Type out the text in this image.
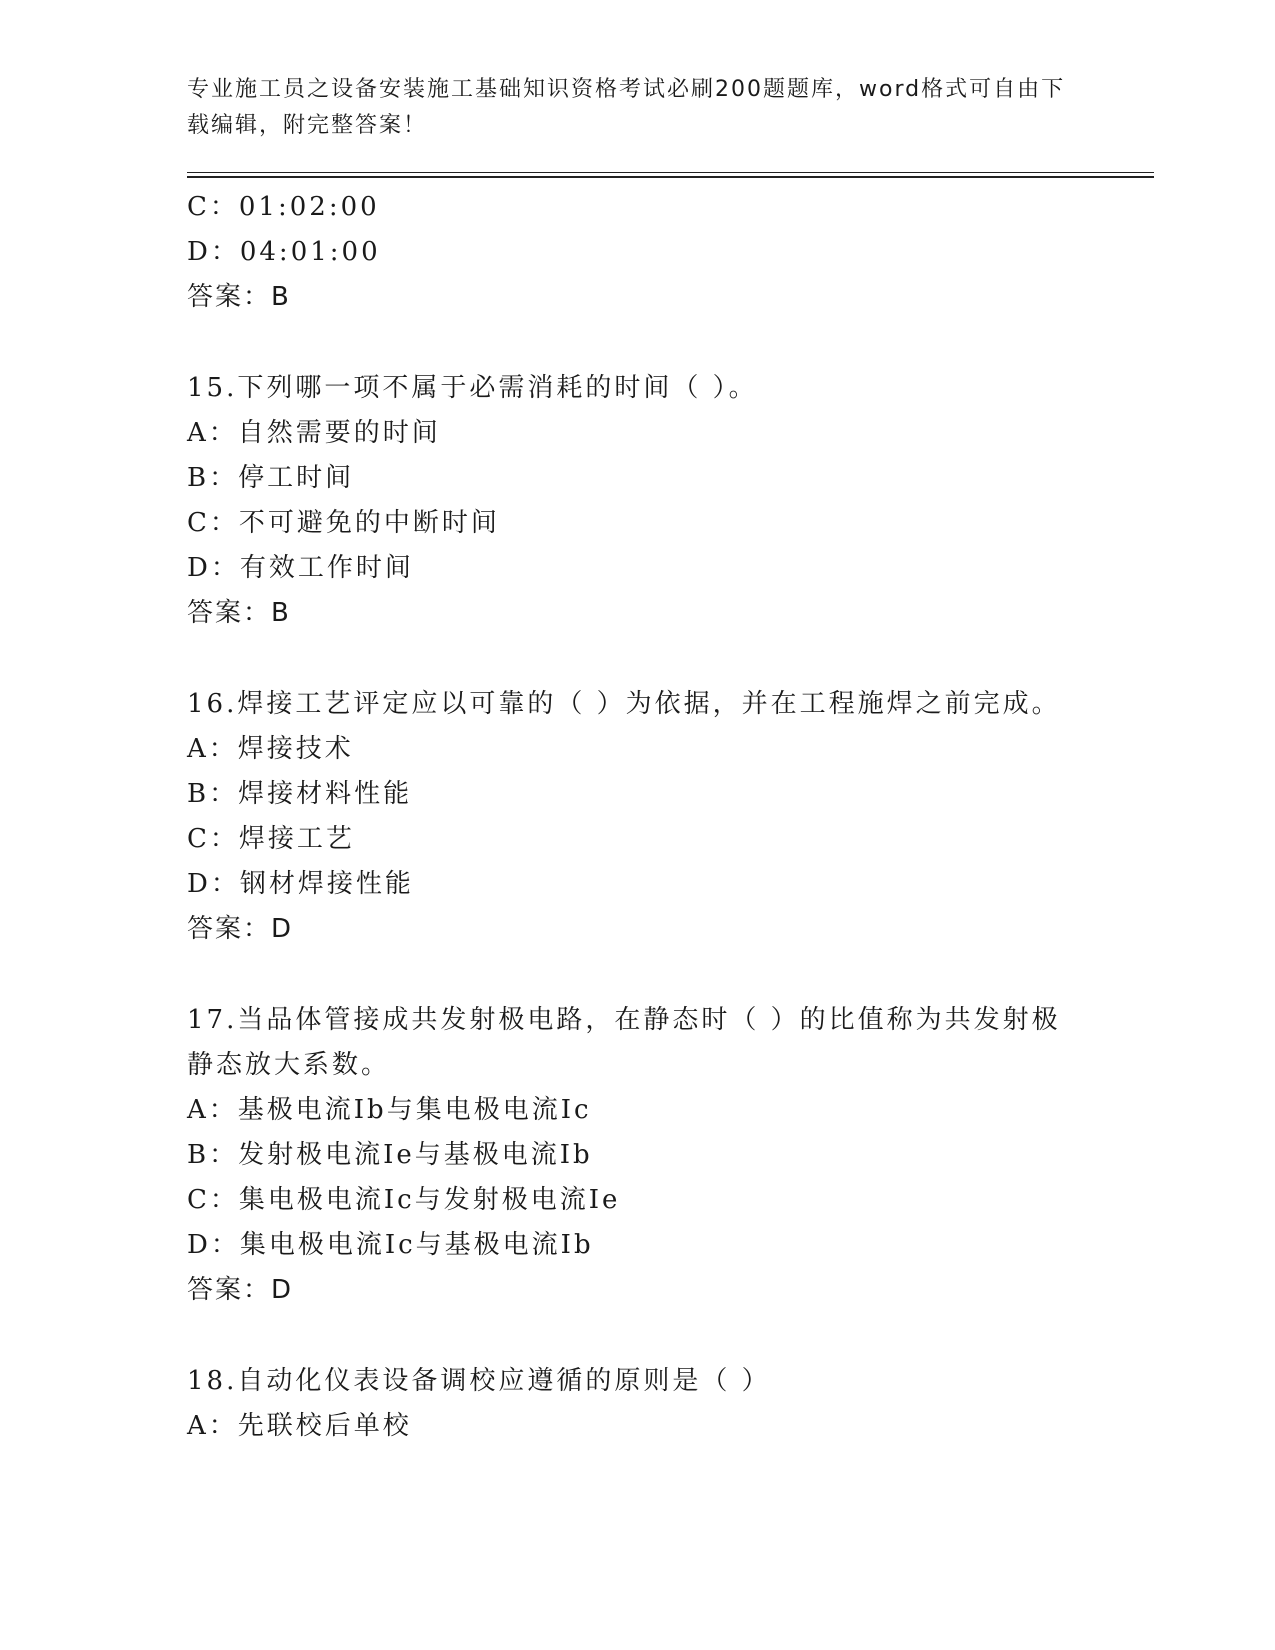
专业施工员之设备安装施工基础知识资格考试必刷200题题库，word格式可自由下载编辑，附完整答案！
C：01:02:00
D：04:01:00
答案：B
15.下列哪一项不属于必需消耗的时间（ ）。
A：自然需要的时间
B：停工时间
C：不可避免的中断时间
D：有效工作时间
答案：B
16.焊接工艺评定应以可靠的（ ）为依据，并在工程施焊之前完成。
A：焊接技术
B：焊接材料性能
C：焊接工艺
D：钢材焊接性能
答案：D
17.当品体管接成共发射极电路，在静态时（ ）的比值称为共发射极
静态放大系数。
A：基极电流Ib与集电极电流Ic
B：发射极电流Ie与基极电流Ib
C：集电极电流Ic与发射极电流Ie
D：集电极电流Ic与基极电流Ib
答案：D
18.自动化仪表设备调校应遵循的原则是（ ）
A：先联校后单校
